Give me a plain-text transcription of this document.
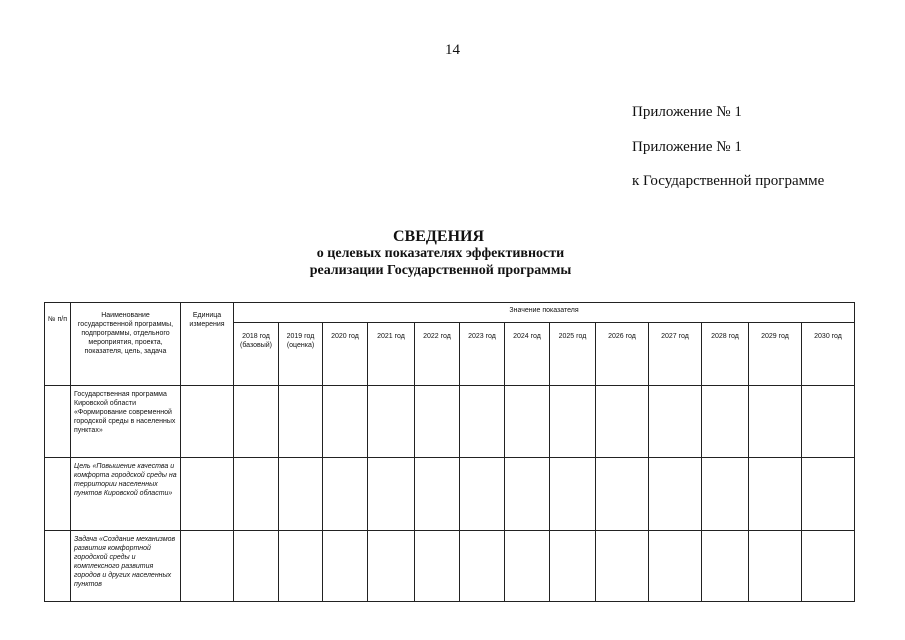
14
Приложение № 1
Приложение № 1
к Государственной программе
СВЕДЕНИЯ
о целевых показателях эффективности
реализации Государственной программы
№ п/п	Наименование государственной программы, подпрограммы, отдельного мероприятия, проекта, показателя, цель, задача	Единица измерения	Значение показателя												
			2018 год (базовый)	2019 год (оценка)	2020 год	2021 год	2022 год	2023 год	2024 год	2025 год	2026 год	2027 год	2028 год	2029 год	2030 год
	Государственная программа Кировской области «Формирование современной городской среды в населенных пунктах»														
	Цель «Повышение качества и комфорта городской среды на территории населенных пунктов Кировской области»														
	Задача «Создание механизмов развития комфортной городской среды и комплексного развития городов и других населенных пунктов														
